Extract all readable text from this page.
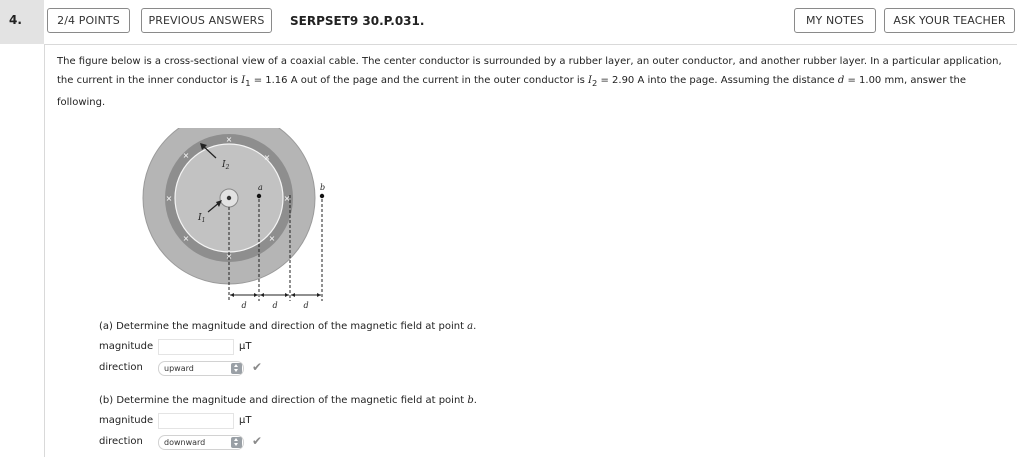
4.	2/4 POINTS	PREVIOUS ANSWERS	SERPSET9 30.P.031.	MY NOTES	ASK YOUR TEACHER
The figure below is a cross-sectional view of a coaxial cable. The center conductor is surrounded by a rubber layer, an outer conductor, and another rubber layer. In a particular application, the current in the inner conductor is $I_1 = 1.16$ A out of the page and the current in the outer conductor is $I_2 = 2.90$ A into the page. Assuming the distance d = 1.00 mm, answer the following.
×
×	×
×	×
×	×
×
$I_2$
$I_1$
a	b
d	d	d
(a) Determine the magnitude and direction of the magnetic field at point a.
magnitude	µT
direction	upward	✔
(b) Determine the magnitude and direction of the magnetic field at point b.
magnitude	µT
direction	downward	✔
